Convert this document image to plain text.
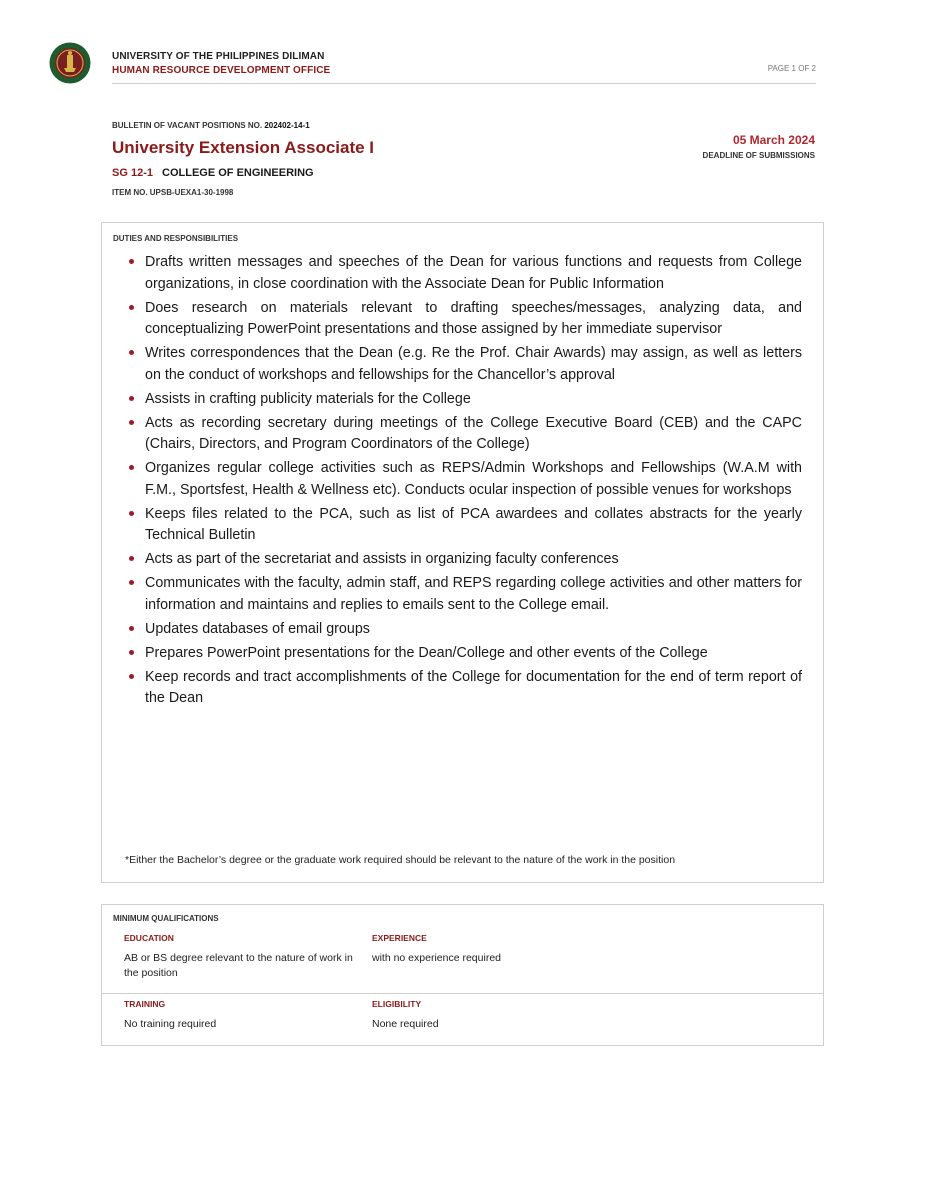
UNIVERSITY OF THE PHILIPPINES DILIMAN
HUMAN RESOURCE DEVELOPMENT OFFICE	PAGE 1 OF 2
BULLETIN OF VACANT POSITIONS NO. 202402-14-1
University Extension Associate I
SG 12-1 COLLEGE OF ENGINEERING
ITEM NO. UPSB-UEXA1-30-1998
05 March 2024
DEADLINE OF SUBMISSIONS
DUTIES AND RESPONSIBILITIES
Drafts written messages and speeches of the Dean for various functions and requests from College organizations, in close coordination with the Associate Dean for Public Information
Does research on materials relevant to drafting speeches/messages, analyzing data, and conceptualizing PowerPoint presentations and those assigned by her immediate supervisor
Writes correspondences that the Dean (e.g. Re the Prof. Chair Awards) may assign, as well as letters on the conduct of workshops and fellowships for the Chancellor’s approval
Assists in crafting publicity materials for the College
Acts as recording secretary during meetings of the College Executive Board (CEB) and the CAPC (Chairs, Directors, and Program Coordinators of the College)
Organizes regular college activities such as REPS/Admin Workshops and Fellowships (W.A.M with F.M., Sportsfest, Health & Wellness etc). Conducts ocular inspection of possible venues for workshops
Keeps files related to the PCA, such as list of PCA awardees and collates abstracts for the yearly Technical Bulletin
Acts as part of the secretariat and assists in organizing faculty conferences
Communicates with the faculty, admin staff, and REPS regarding college activities and other matters for information and maintains and replies to emails sent to the College email.
Updates databases of email groups
Prepares PowerPoint presentations for the Dean/College and other events of the College
Keep records and tract accomplishments of the College for documentation for the end of term report of the Dean
*Either the Bachelor’s degree or the graduate work required should be relevant to the nature of the work in the position
MINIMUM QUALIFICATIONS
EDUCATION
AB or BS degree relevant to the nature of work in the position
EXPERIENCE
with no experience required
TRAINING
No training required
ELIGIBILITY
None required
